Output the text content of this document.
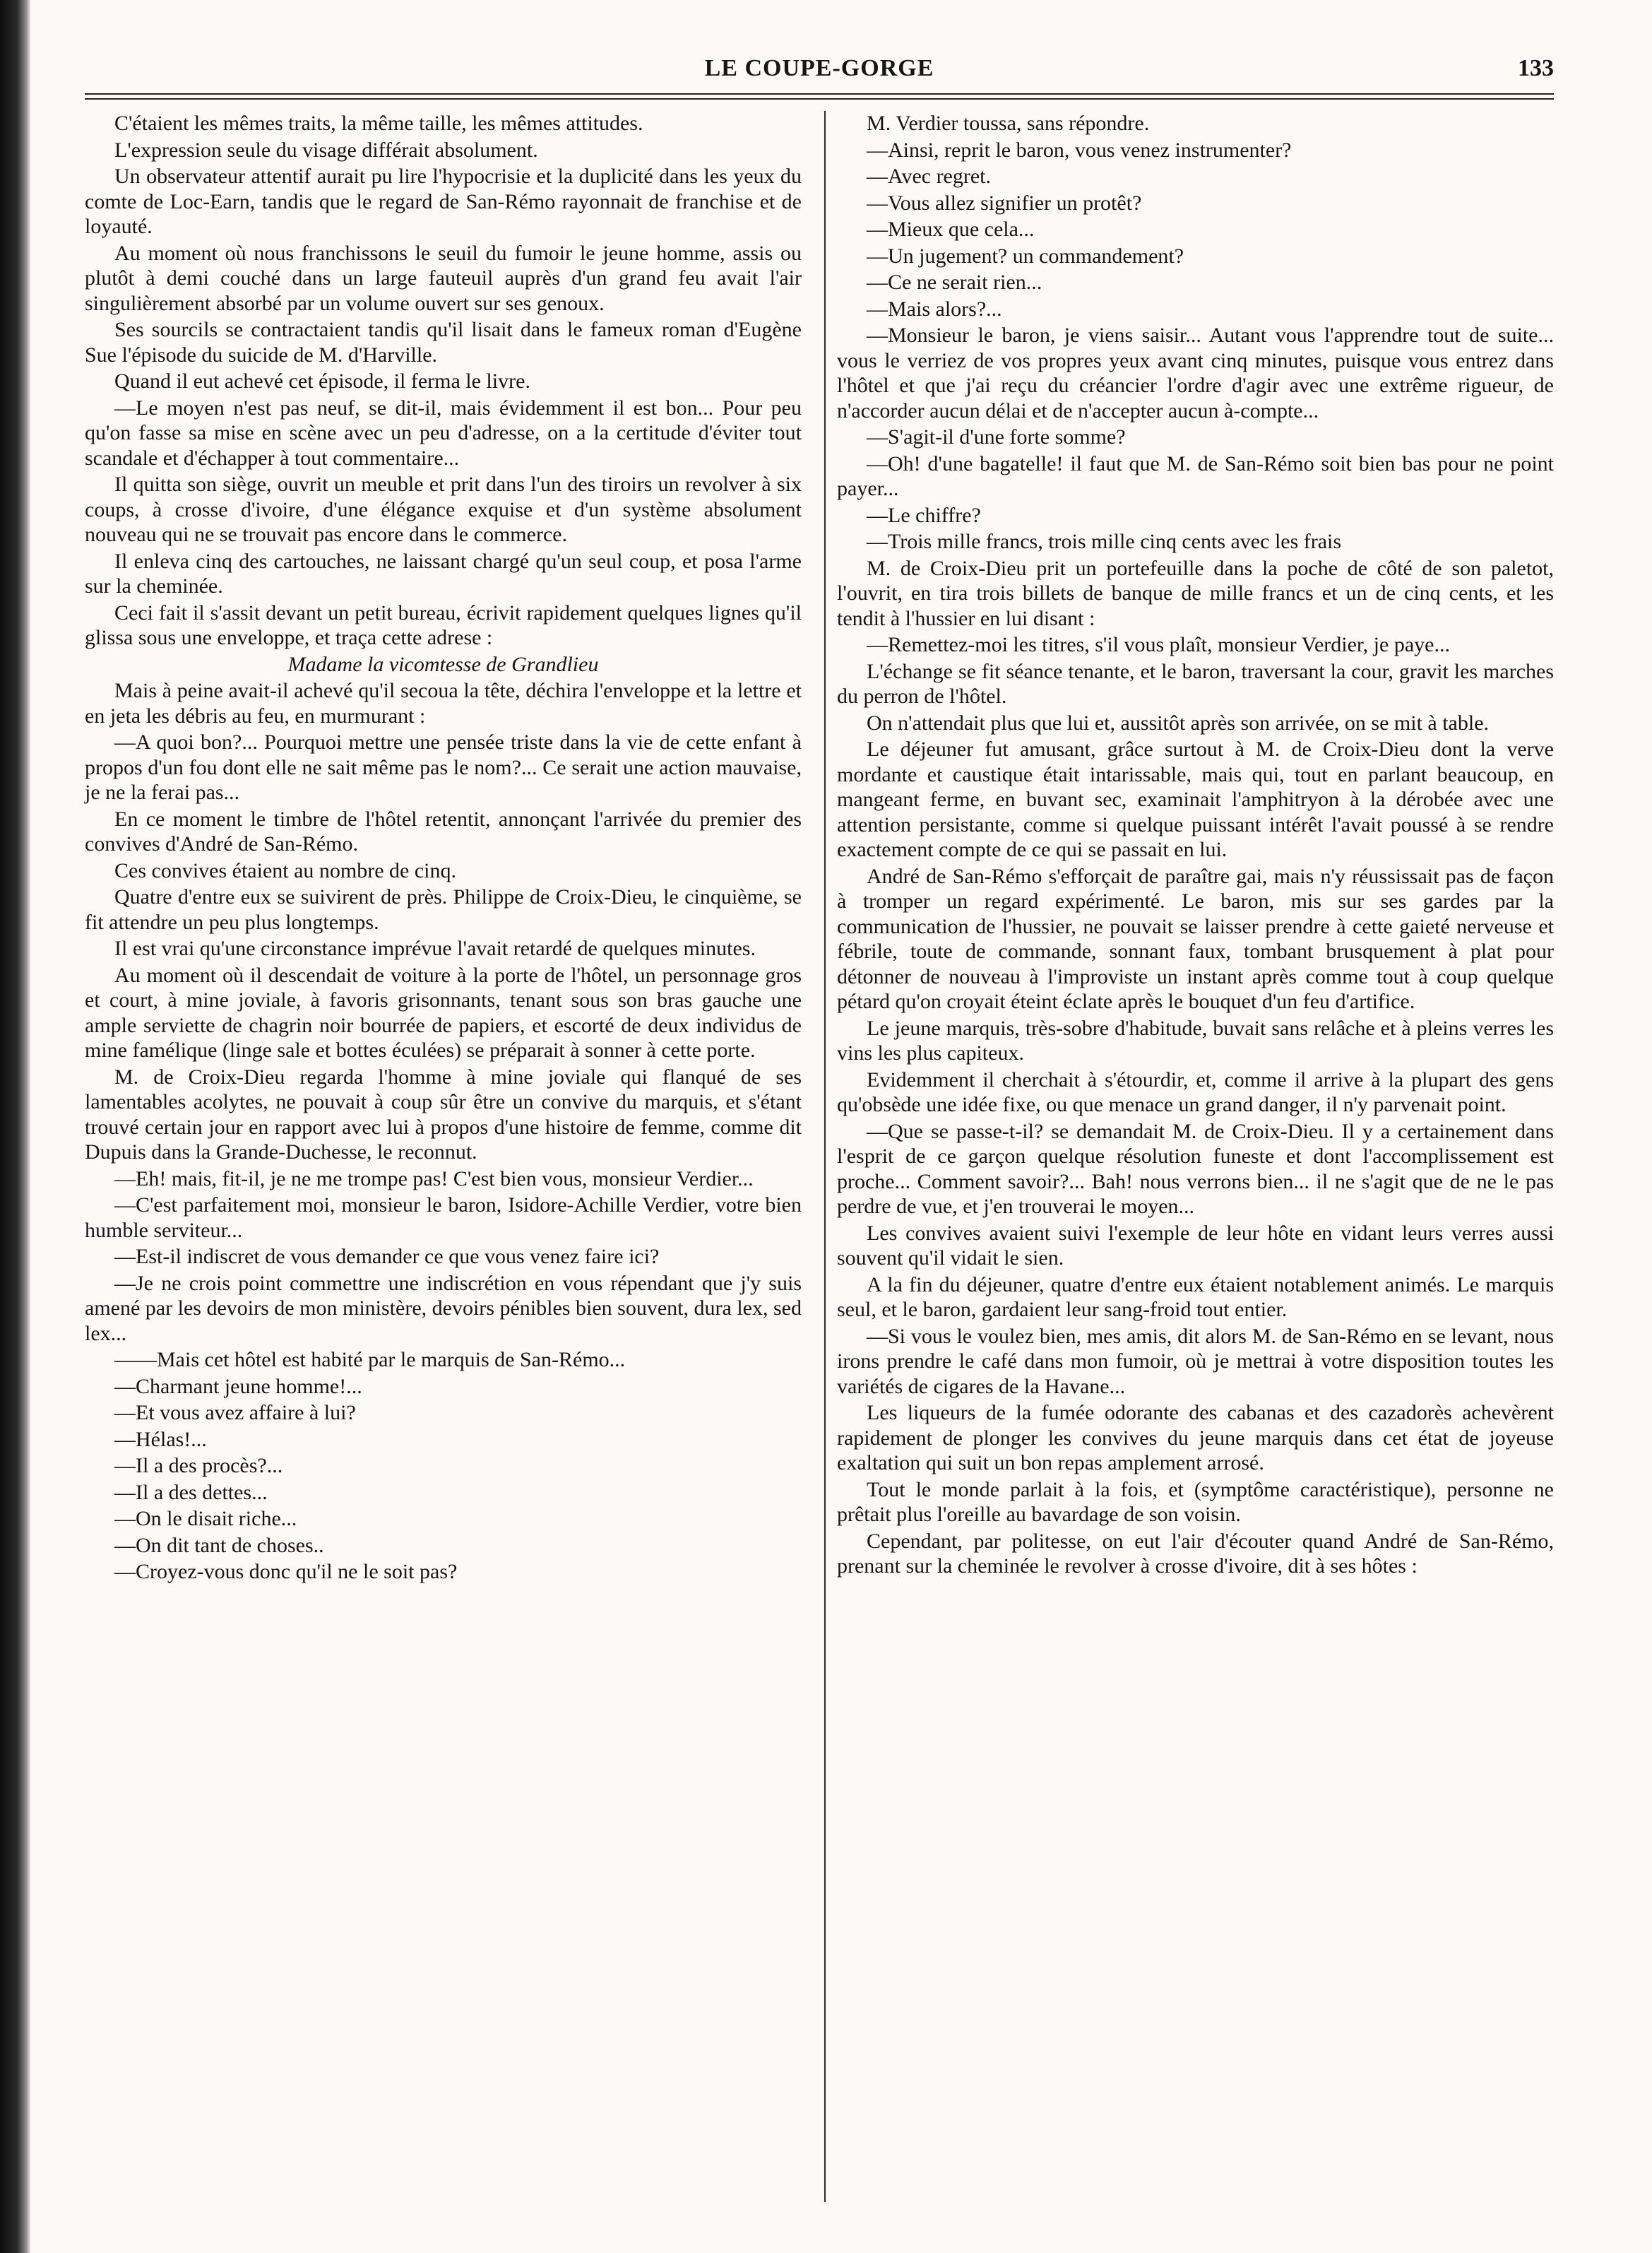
LE COUPE-GORGE	133

C'étaient les mêmes traits, la même taille, les mêmes attitudes.

L'expression seule du visage différait absolument.

Un observateur attentif aurait pu lire l'hypocrisie et la duplicité dans les yeux du comte de Loc-Earn, tandis que le regard de San-Rémo rayonnait de franchise et de loyauté.

Au moment où nous franchissons le seuil du fumoir le jeune homme, assis ou plutôt à demi couché dans un large fauteuil auprès d'un grand feu avait l'air singulièrement absorbé par un volume ouvert sur ses genoux.

Ses sourcils se contractaient tandis qu'il lisait dans le fameux roman d'Eugène Sue l'épisode du suicide de M. d'Harville.

Quand il eut achevé cet épisode, il ferma le livre.

—Le moyen n'est pas neuf, se dit-il, mais évidemment il est bon... Pour peu qu'on fasse sa mise en scène avec un peu d'adresse, on a la certitude d'éviter tout scandale et d'échapper à tout commentaire...

Il quitta son siège, ouvrit un meuble et prit dans l'un des tiroirs un revolver à six coups, à crosse d'ivoire, d'une élégance exquise et d'un système absolument nouveau qui ne se trouvait pas encore dans le commerce.

Il enleva cinq des cartouches, ne laissant chargé qu'un seul coup, et posa l'arme sur la cheminée.

Ceci fait il s'assit devant un petit bureau, écrivit rapidement quelques lignes qu'il glissa sous une enveloppe, et traça cette adrese :

Madame la vicomtesse de Grandlieu

Mais à peine avait-il achevé qu'il secoua la tête, déchira l'enveloppe et la lettre et en jeta les débris au feu, en murmurant :

—A quoi bon?... Pourquoi mettre une pensée triste dans la vie de cette enfant à propos d'un fou dont elle ne sait même pas le nom?... Ce serait une action mauvaise, je ne la ferai pas...

En ce moment le timbre de l'hôtel retentit, annonçant l'arrivée du premier des convives d'André de San-Rémo.

Ces convives étaient au nombre de cinq.

Quatre d'entre eux se suivirent de près. Philippe de Croix-Dieu, le cinquième, se fit attendre un peu plus longtemps.

Il est vrai qu'une circonstance imprévue l'avait retardé de quelques minutes.

Au moment où il descendait de voiture à la porte de l'hôtel, un personnage gros et court, à mine joviale, à favoris grisonnants, tenant sous son bras gauche une ample serviette de chagrin noir bourrée de papiers, et escorté de deux individus de mine famélique (linge sale et bottes éculées) se préparait à sonner à cette porte.

M. de Croix-Dieu regarda l'homme à mine joviale qui flanqué de ses lamentables acolytes, ne pouvait à coup sûr être un convive du marquis, et s'étant trouvé certain jour en rapport avec lui à propos d'une histoire de femme, comme dit Dupuis dans la Grande-Duchesse, le reconnut.

—Eh! mais, fit-il, je ne me trompe pas! C'est bien vous, monsieur Verdier...

—C'est parfaitement moi, monsieur le baron, Isidore-Achille Verdier, votre bien humble serviteur...

—Est-il indiscret de vous demander ce que vous venez faire ici?

—Je ne crois point commettre une indiscrétion en vous répendant que j'y suis amené par les devoirs de mon ministère, devoirs pénibles bien souvent, dura lex, sed lex...

——Mais cet hôtel est habité par le marquis de San-Rémo...

—Charmant jeune homme!...

—Et vous avez affaire à lui?

—Hélas!...

—Il a des procès?...

—Il a des dettes...

—On le disait riche...

—On dit tant de choses..

—Croyez-vous donc qu'il ne le soit pas?

M. Verdier toussa, sans répondre.

—Ainsi, reprit le baron, vous venez instrumenter?

—Avec regret.

—Vous allez signifier un protêt?

—Mieux que cela...

—Un jugement? un commandement?

—Ce ne serait rien...

—Mais alors?...

—Monsieur le baron, je viens saisir... Autant vous l'apprendre tout de suite... vous le verriez de vos propres yeux avant cinq minutes, puisque vous entrez dans l'hôtel et que j'ai reçu du créancier l'ordre d'agir avec une extrême rigueur, de n'accorder aucun délai et de n'accepter aucun à-compte...

—S'agit-il d'une forte somme?

—Oh! d'une bagatelle! il faut que M. de San-Rémo soit bien bas pour ne point payer...

—Le chiffre?

—Trois mille francs, trois mille cinq cents avec les frais

M. de Croix-Dieu prit un portefeuille dans la poche de côté de son paletot, l'ouvrit, en tira trois billets de banque de mille francs et un de cinq cents, et les tendit à l'hussier en lui disant :

—Remettez-moi les titres, s'il vous plaît, monsieur Verdier, je paye...

L'échange se fit séance tenante, et le baron, traversant la cour, gravit les marches du perron de l'hôtel.

On n'attendait plus que lui et, aussitôt après son arrivée, on se mit à table.

Le déjeuner fut amusant, grâce surtout à M. de Croix-Dieu dont la verve mordante et caustique était intarissable, mais qui, tout en parlant beaucoup, en mangeant ferme, en buvant sec, examinait l'amphitryon à la dérobée avec une attention persistante, comme si quelque puissant intérêt l'avait poussé à se rendre exactement compte de ce qui se passait en lui.

André de San-Rémo s'efforçait de paraître gai, mais n'y réussissait pas de façon à tromper un regard expérimenté. Le baron, mis sur ses gardes par la communication de l'hussier, ne pouvait se laisser prendre à cette gaieté nerveuse et fébrile, toute de commande, sonnant faux, tombant brusquement à plat pour détonner de nouveau à l'improviste un instant après comme tout à coup quelque pétard qu'on croyait éteint éclate après le bouquet d'un feu d'artifice.

Le jeune marquis, très-sobre d'habitude, buvait sans relâche et à pleins verres les vins les plus capiteux.

Evidemment il cherchait à s'étourdir, et, comme il arrive à la plupart des gens qu'obsède une idée fixe, ou que menace un grand danger, il n'y parvenait point.

—Que se passe-t-il? se demandait M. de Croix-Dieu. Il y a certainement dans l'esprit de ce garçon quelque résolution funeste et dont l'accomplissement est proche... Comment savoir?... Bah! nous verrons bien... il ne s'agit que de ne le pas perdre de vue, et j'en trouverai le moyen...

Les convives avaient suivi l'exemple de leur hôte en vidant leurs verres aussi souvent qu'il vidait le sien.

A la fin du déjeuner, quatre d'entre eux étaient notablement animés. Le marquis seul, et le baron, gardaient leur sang-froid tout entier.

—Si vous le voulez bien, mes amis, dit alors M. de San-Rémo en se levant, nous irons prendre le café dans mon fumoir, où je mettrai à votre disposition toutes les variétés de cigares de la Havane...

Les liqueurs de la fumée odorante des cabanas et des cazadorès achevèrent rapidement de plonger les convives du jeune marquis dans cet état de joyeuse exaltation qui suit un bon repas amplement arrosé.

Tout le monde parlait à la fois, et (symptôme caractéristique), personne ne prêtait plus l'oreille au bavardage de son voisin.

Cependant, par politesse, on eut l'air d'écouter quand André de San-Rémo, prenant sur la cheminée le revolver à crosse d'ivoire, dit à ses hôtes :
